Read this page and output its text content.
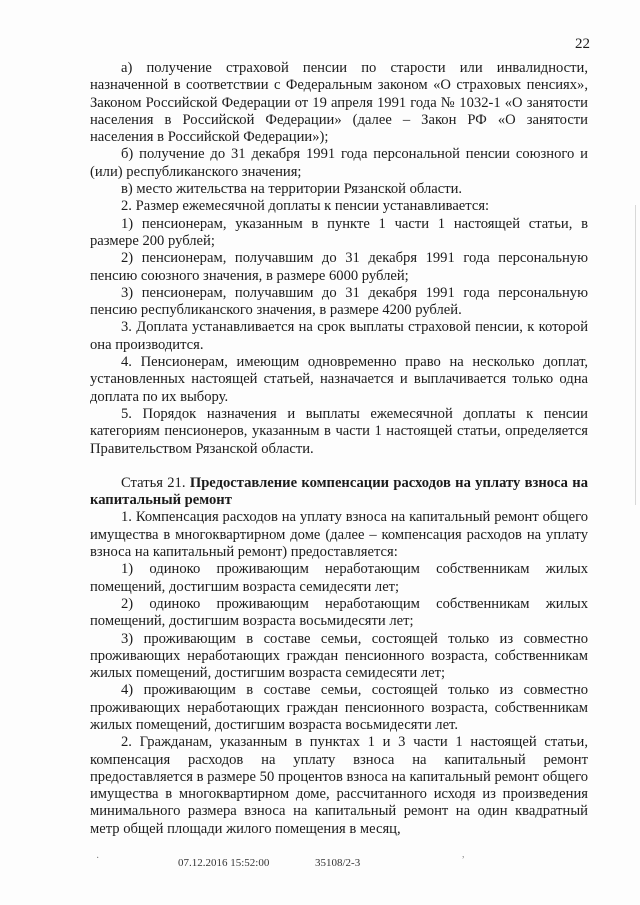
22

а) получение страховой пенсии по старости или инвалидности, назначенной в соответствии с Федеральным законом «О страховых пенсиях», Законом Российской Федерации от 19 апреля 1991 года № 1032-1 «О занятости населения в Российской Федерации» (далее – Закон РФ «О занятости населения в Российской Федерации»);

б) получение до 31 декабря 1991 года персональной пенсии союзного и (или) республиканского значения;

в) место жительства на территории Рязанской области.

2. Размер ежемесячной доплаты к пенсии устанавливается:

1) пенсионерам, указанным в пункте 1 части 1 настоящей статьи, в размере 200 рублей;

2) пенсионерам, получавшим до 31 декабря 1991 года персональную пенсию союзного значения, в размере 6000 рублей;

3) пенсионерам, получавшим до 31 декабря 1991 года персональную пенсию республиканского значения, в размере 4200 рублей.

3. Доплата устанавливается на срок выплаты страховой пенсии, к которой она производится.

4. Пенсионерам, имеющим одновременно право на несколько доплат, установленных настоящей статьей, назначается и выплачивается только одна доплата по их выбору.

5. Порядок назначения и выплаты ежемесячной доплаты к пенсии категориям пенсионеров, указанным в части 1 настоящей статьи, определяется Правительством Рязанской области.

Статья 21. Предоставление компенсации расходов на уплату взноса на капитальный ремонт

1. Компенсация расходов на уплату взноса на капитальный ремонт общего имущества в многоквартирном доме (далее – компенсация расходов на уплату взноса на капитальный ремонт) предоставляется:

1) одиноко проживающим неработающим собственникам жилых помещений, достигшим возраста семидесяти лет;

2) одиноко проживающим неработающим собственникам жилых помещений, достигшим возраста восьмидесяти лет;

3) проживающим в составе семьи, состоящей только из совместно проживающих неработающих граждан пенсионного возраста, собственникам жилых помещений, достигшим возраста семидесяти лет;

4) проживающим в составе семьи, состоящей только из совместно проживающих неработающих граждан пенсионного возраста, собственникам жилых помещений, достигшим возраста восьмидесяти лет.

2. Гражданам, указанным в пунктах 1 и 3 части 1 настоящей статьи, компенсация расходов на уплату взноса на капитальный ремонт предоставляется в размере 50 процентов взноса на капитальный ремонт общего имущества в многоквартирном доме, рассчитанного исходя из произведения минимального размера взноса на капитальный ремонт на один квадратный метр общей площади жилого помещения в месяц,

·	07.12.2016 15:52:00	35108/2-3
,
